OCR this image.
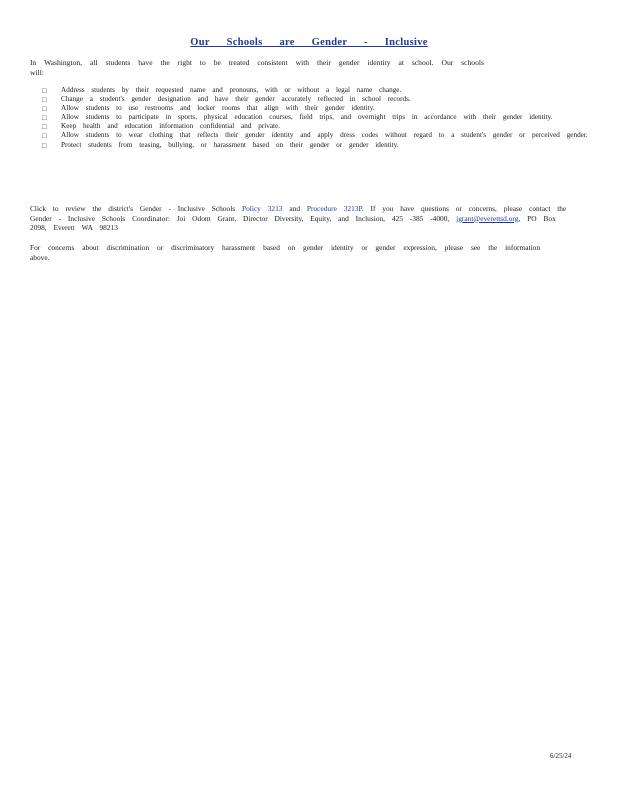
Our Schools are Gender - Inclusive
In Washington, all students have the right to be treated consistent with their gender identity at school. Our schools will:
□ Address students by their requested name and pronouns, with or without a legal name change.
□ Change a student's gender designation and have their gender accurately reflected in school records.
□ Allow students to use restrooms and locker rooms that align with their gender identity.
□ Allow students to participate in sports, physical education courses, field trips, and overnight trips in accordance with their gender identity.
□ Keep health and education information confidential and private.
□ Allow students to wear clothing that reflects their gender identity and apply dress codes without regard to a student's gender or perceived gender.
□ Protect students from teasing, bullying, or harassment based on their gender or gender identity.
Click to review the district's Gender - Inclusive Schools Policy 3213 and Procedure 3213P. If you have questions or concerns, please contact the Gender - Inclusive Schools Coordinator: Joi Odom Grant, Director Diversity, Equity, and Inclusion, 425 -385 -4000, jgrant@everettsd.org, PO Box 2098, Everett WA 98213
For concerns about discrimination or discriminatory harassment based on gender identity or gender expression, please see the information above.
6/25/24
